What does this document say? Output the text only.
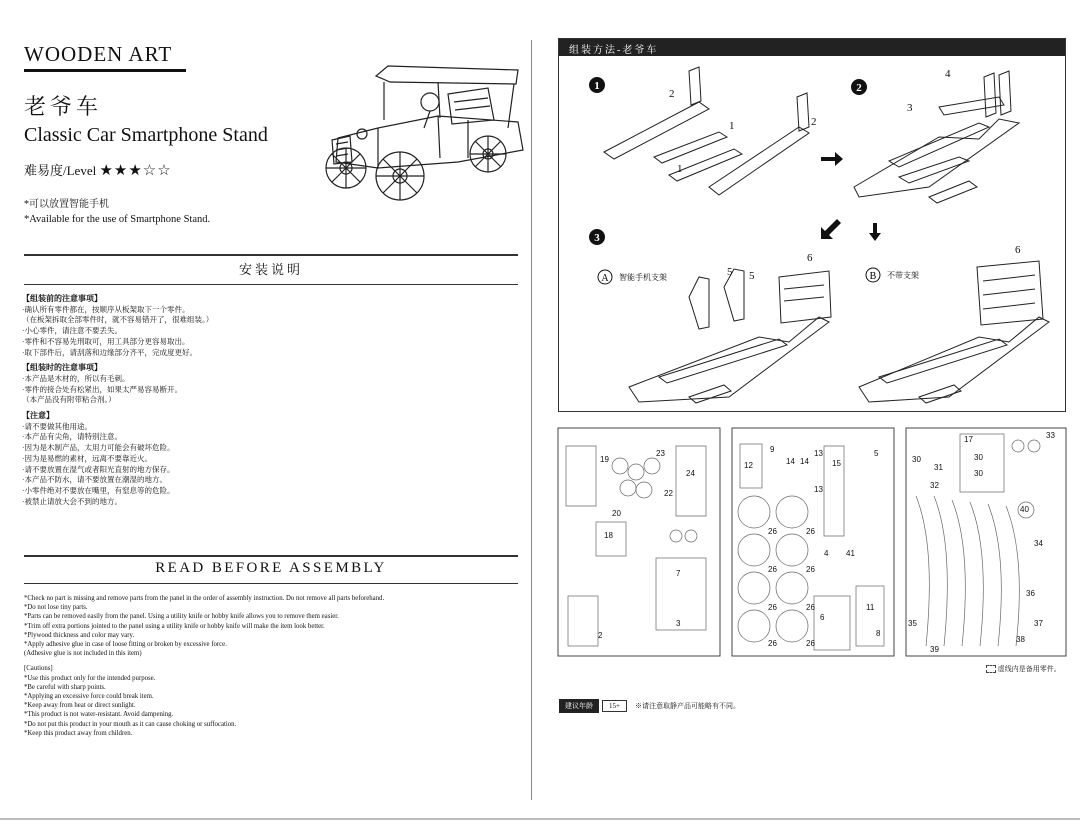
WOODEN ART
老爷车
Classic Car Smartphone Stand
难易度/Level ★★★☆☆
*可以放置智能手机
*Available for the use of Smartphone Stand.
安装说明
【组装前的注意事项】
·确认所有零件都在，按顺序从板架取下一个零件。
（在板架拆取全部零件时，就不容易错开了，很难组装。）
·小心零件，请注意不要丢失。
·零件和不容易先刑取可，用工具部分更容易取出。
·取下部件后，请刮落和边缘部分齐平，完成度更好。
【组装时的注意事项】
·本产品是木材的，所以有毛刺。
·零件的接合处有松紧出，如果太严易容易断开。
（本产品没有附带粘合剂。）
【注意】
·请不要做其他用途。
·本产品有尖角，请特别注意。
·因为是木制产品，太用力可能会有破坏危险。
·因为是易燃的素材，远离不要靠近火。
·请不要放置在湿气或者阳光直射的地方保存。
·本产品不防水，请不要放置在潮湿的地方。
·小零件绝对不要放在嘴里，有窒息等的危险。
·被禁止请放大会不到的地方。
READ BEFORE ASSEMBLY
*Check no part is missing and remove parts from the panel in the order of assembly instruction. Do not remove all parts beforehand.
*Do not lose tiny parts.
*Parts can be removed easily from the panel. Using a utility knife or hobby knife allows you to remove them easier.
*Trim off extra portions jointed to the panel using a utility knife or hobby knife will make the item look better.
*Plywood thickness and color may vary.
*Apply adhesive glue in case of loose fitting or broken by excessive force.
(Adhesive glue is not included in this item)
[Cautions]
*Use this product only for the intended purpose.
*Be careful with sharp points.
*Applying an excessive force could break item.
*Keep away from heat or direct sunlight.
*This product is not water-resistant. Avoid dampening.
*Do not put this product in your mouth as it can cause choking or suffocation.
*Keep this product away from children.
组装方法-老爷车
1	2
3
2
1
1
2
4
3
5 5
6
6
A 智能手机支架	B 不带支架
19
23
20
24
22
18
7
3
2
12
9
14 14
13
15
5
13
26	26
26	26
26	26
26	26
4 41
6
11
8
17	33
30
30
30
31
32
35
39
40
34
36
37
38
虚线内是备用零件。
建议年龄 15+ ※请注意取静产品可能略有不同。
